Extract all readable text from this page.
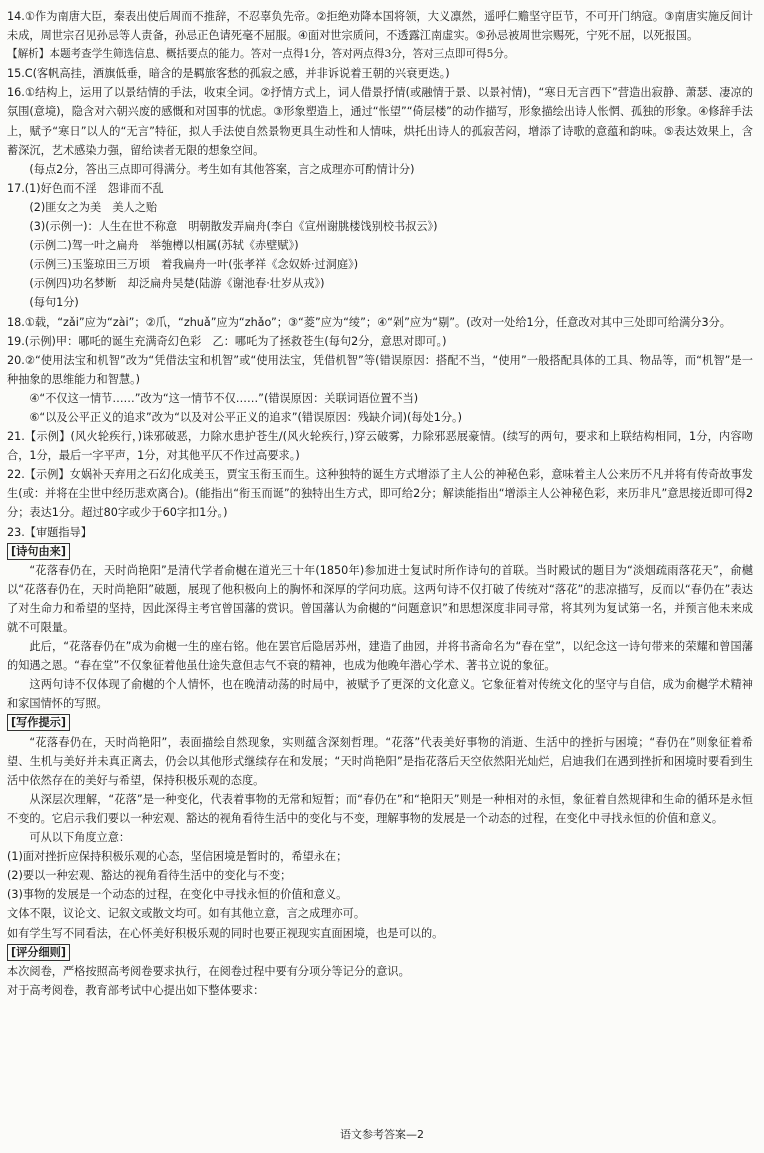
14.①作为南唐大臣，秦表出使后周而不推辞，不忍辜负先帝。②拒绝劝降本国将领，大义凛然，遥呼仁赡坚守臣节，不可开门纳寇。③南唐实施反间计未成，周世宗召见孙忌等人责备，孙忌正色请死毫不屈服。④面对世宗质问，不透露江南虚实。⑤孙忌被周世宗赐死，宁死不屈，以死报国。

【解析】本题考查学生筛选信息、概括要点的能力。答对一点得1分，答对两点得3分，答对三点即可得5分。

15.C(客帆高挂，酒旗低垂，暗含的是羁旅客愁的孤寂之感，并非诉说着王朝的兴衰更迭。)

16.①结构上，运用了以景结情的手法，收束全词。②抒情方式上，词人借景抒情(或融情于景、以景衬情)，“寒日无言西下”营造出寂静、萧瑟、凄凉的氛围(意境)，隐含对六朝兴废的感慨和对国事的忧虑。③形象塑造上，通过“怅望”“倚层楼”的动作描写，形象描绘出诗人怅惘、孤独的形象。④修辞手法上，赋予“寒日”以人的“无言”特征，拟人手法使自然景物更具生动性和人情味，烘托出诗人的孤寂苦闷，增添了诗歌的意蕴和韵味。⑤表达效果上，含蓄深沉，艺术感染力强，留给读者无限的想象空间。

(每点2分，答出三点即可得满分。考生如有其他答案，言之成理亦可酌情计分)

17.(1)好色而不淫　怨诽而不乱

(2)匪女之为美　美人之贻

(3)(示例一)：人生在世不称意　明朝散发弄扁舟(李白《宣州谢朓楼饯别校书叔云》)

(示例二)驾一叶之扁舟　举匏樽以相属(苏轼《赤壁赋》)

(示例三)玉鉴琼田三万顷　着我扁舟一叶(张孝祥《念奴娇·过洞庭》)

(示例四)功名梦断　却泛扁舟吴楚(陆游《谢池春·壮岁从戎》)

(每句1分)

18.①载，“zǎi”应为“zài”；②爪，“zhuǎ”应为“zhǎo”；③“菱”应为“绫”；④“剁”应为“剔”。(改对一处给1分，任意改对其中三处即可给满分3分。

19.(示例)甲：哪吒的诞生充满奇幻色彩　乙：哪吒为了拯救苍生(每句2分，意思对即可。)

20.②“使用法宝和机智”改为“凭借法宝和机智”或“使用法宝，凭借机智”等(错误原因：搭配不当，“使用”一般搭配具体的工具、物品等，而“机智”是一种抽象的思维能力和智慧。)

④“不仅这一情节……”改为“这一情节不仅……”(错误原因：关联词语位置不当)

⑥“以及公平正义的追求”改为“以及对公平正义的追求”(错误原因：残缺介词)(每处1分。)

21.【示例】(风火轮疾行，)诛邪破恶，力除水患护苍生/(风火轮疾行，)穿云破雾，力除邪恶展豪情。(续写的两句，要求和上联结构相同，1分，内容吻合，1分，最后一字平声，1分，对其他平仄不作过高要求。)

22.【示例】女娲补天弃用之石幻化成美玉，贾宝玉衔玉而生。这种独特的诞生方式增添了主人公的神秘色彩，意味着主人公来历不凡并将有传奇故事发生(或：并将在尘世中经历悲欢离合)。(能指出“衔玉而诞”的独特出生方式，即可给2分；解读能指出“增添主人公神秘色彩，来历非凡”意思接近即可得2分；表达1分。超过80字或少于60字扣1分。)

23.【审题指导】

[诗句由来]

“花落春仍在，天时尚艳阳”是清代学者俞樾在道光三十年(1850年)参加进士复试时所作诗句的首联。当时殿试的题目为“淡烟疏雨落花天”，俞樾以“花落春仍在，天时尚艳阳”破题，展现了他积极向上的胸怀和深厚的学问功底。这两句诗不仅打破了传统对“落花”的悲凉描写，反而以“春仍在”表达了对生命力和希望的坚持，因此深得主考官曾国藩的赏识。曾国藩认为俞樾的“问题意识”和思想深度非同寻常，将其列为复试第一名，并预言他未来成就不可限量。

此后，“花落春仍在”成为俞樾一生的座右铭。他在罢官后隐居苏州，建造了曲园，并将书斋命名为“春在堂”，以纪念这一诗句带来的荣耀和曾国藩的知遇之恩。“春在堂”不仅象征着他虽仕途失意但志气不衰的精神，也成为他晚年潜心学术、著书立说的象征。

这两句诗不仅体现了俞樾的个人情怀，也在晚清动荡的时局中，被赋予了更深的文化意义。它象征着对传统文化的坚守与自信，成为俞樾学术精神和家国情怀的写照。

[写作提示]

“花落春仍在，天时尚艳阳”，表面描绘自然现象，实则蕴含深刻哲理。“花落”代表美好事物的消逝、生活中的挫折与困境；“春仍在”则象征着希望、生机与美好并未真正离去，仍会以其他形式继续存在和发展；“天时尚艳阳”是指花落后天空依然阳光灿烂，启迪我们在遇到挫折和困境时要看到生活中依然存在的美好与希望，保持积极乐观的态度。

从深层次理解，“花落”是一种变化，代表着事物的无常和短暂；而“春仍在”和“艳阳天”则是一种相对的永恒，象征着自然规律和生命的循环是永恒不变的。它启示我们要以一种宏观、豁达的视角看待生活中的变化与不变，理解事物的发展是一个动态的过程，在变化中寻找永恒的价值和意义。

可从以下角度立意：

(1)面对挫折应保持积极乐观的心态，坚信困境是暂时的，希望永在；

(2)要以一种宏观、豁达的视角看待生活中的变化与不变；

(3)事物的发展是一个动态的过程，在变化中寻找永恒的价值和意义。

文体不限，议论文、记叙文或散文均可。如有其他立意，言之成理亦可。

如有学生写不同看法，在心怀美好积极乐观的同时也要正视现实直面困境，也是可以的。

[评分细则]

本次阅卷，严格按照高考阅卷要求执行，在阅卷过程中要有分项分等记分的意识。

对于高考阅卷，教育部考试中心提出如下整体要求：

语文参考答案—2
